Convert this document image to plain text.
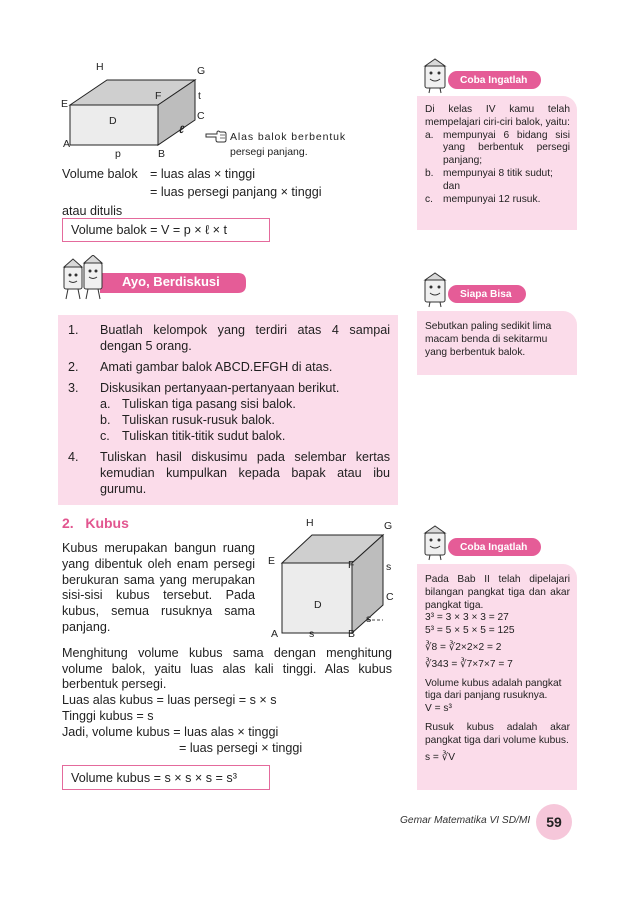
H	G
F
E
t
C
D
ℓ
A
p	B
Alas balok berbentuk
persegi panjang.
Volume balok = luas alas × tinggi
= luas persegi panjang × tinggi
atau ditulis
Volume balok = V = p × ℓ × t
Ayo, Berdiskusi
1.	Buatlah kelompok yang terdiri atas 4 sampai dengan 5 orang.
2.	Amati gambar balok ABCD.EFGH di atas.
3.	Diskusikan pertanyaan-pertanyaan berikut.
a. Tuliskan tiga pasang sisi balok.
b. Tuliskan rusuk-rusuk balok.
c. Tuliskan titik-titik sudut balok.
4.	Tuliskan hasil diskusimu pada selembar kertas kemudian kumpulkan kepada bapak atau ibu gurumu.
2.   Kubus
Kubus merupakan bangun ruang yang dibentuk oleh enam persegi berukuran sama yang merupakan sisi-sisi kubus tersebut. Pada kubus, semua rusuknya sama panjang.
H	G
E	F	s
D
C
s
A	s	B
Menghitung volume kubus sama dengan menghitung volume balok, yaitu luas alas kali tinggi. Alas kubus berbentuk persegi.
Luas alas kubus = luas persegi = s × s
Tinggi kubus = s
Jadi, volume kubus = luas alas × tinggi
= luas persegi × tinggi
Volume kubus = s × s × s = s³
Coba Ingatlah
Di kelas IV kamu telah mempelajari ciri-ciri balok, yaitu:
a. mempunyai 6 bidang sisi yang berbentuk persegi panjang;
b. mempunyai 8 titik sudut; dan
c. mempunyai 12 rusuk.
Siapa Bisa
Sebutkan paling sedikit lima macam benda di sekitarmu yang berbentuk balok.
Coba Ingatlah
Pada Bab II telah dipelajari bilangan pangkat tiga dan akar pangkat tiga.
3³ = 3 × 3 × 3 = 27
5³ = 5 × 5 × 5 = 125
∛8 = ∛2×2×2 = 2
∛343 = ∛7×7×7 = 7
Volume kubus adalah pangkat tiga dari panjang rusuknya.
V = s³
Rusuk kubus adalah akar pangkat tiga dari volume kubus.
s = ∛V
Gemar Matematika VI SD/MI 59
